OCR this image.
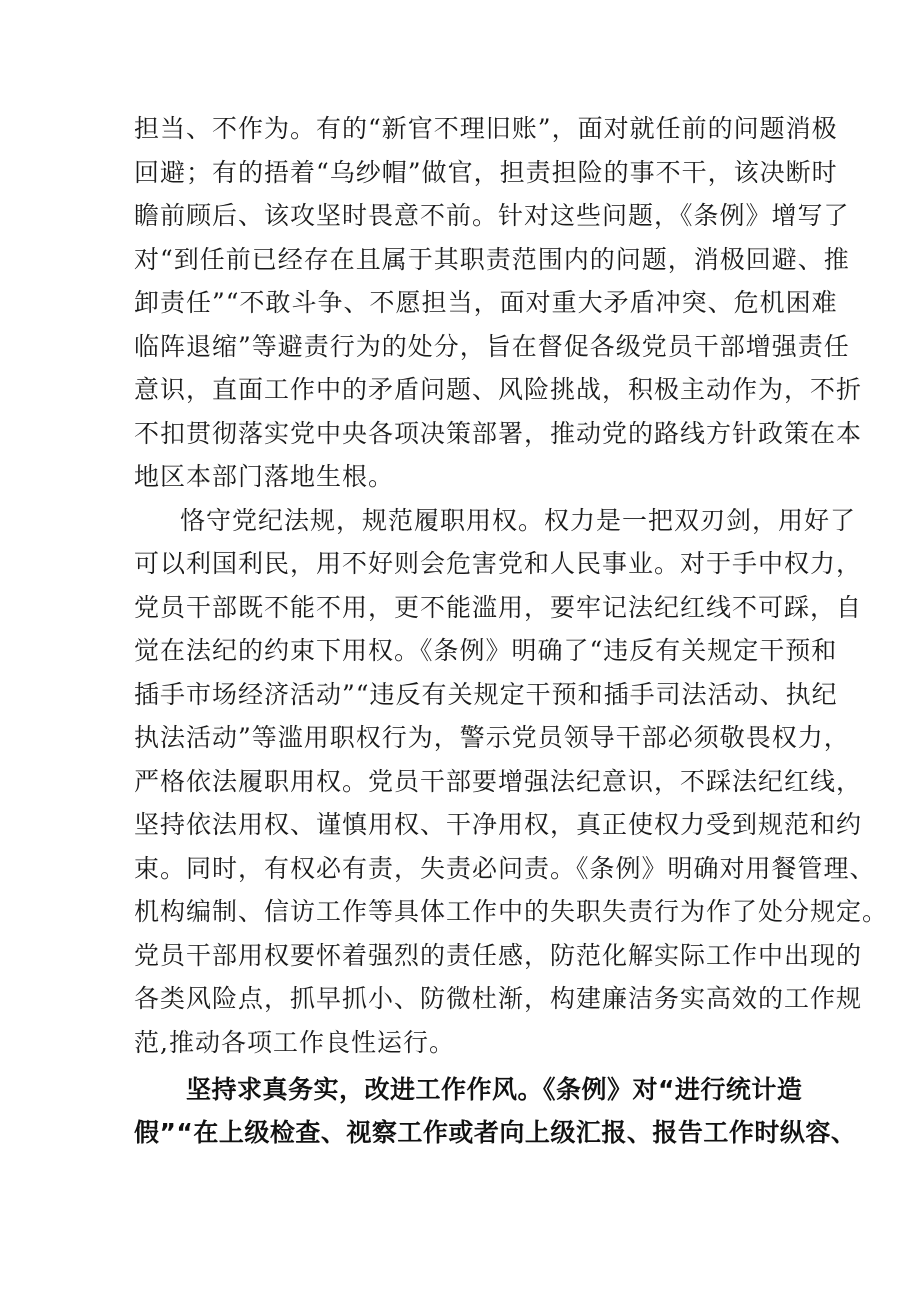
担当、不作为。有的“新官不理旧账”，面对就任前的问题消极
回避；有的捂着“乌纱帽”做官，担责担险的事不干，该决断时
瞻前顾后、该攻坚时畏意不前。针对这些问题，《条例》增写了
对“到任前已经存在且属于其职责范围内的问题，消极回避、推
卸责任”“不敢斗争、不愿担当，面对重大矛盾冲突、危机困难
临阵退缩”等避责行为的处分，旨在督促各级党员干部增强责任
意识，直面工作中的矛盾问题、风险挑战，积极主动作为，不折
不扣贯彻落实党中央各项决策部署，推动党的路线方针政策在本
地区本部门落地生根。
恪守党纪法规，规范履职用权。权力是一把双刃剑，用好了
可以利国利民，用不好则会危害党和人民事业。对于手中权力，
党员干部既不能不用，更不能滥用，要牢记法纪红线不可踩，自
觉在法纪的约束下用权。《条例》明确了“违反有关规定干预和
插手市场经济活动”“违反有关规定干预和插手司法活动、执纪
执法活动”等滥用职权行为，警示党员领导干部必须敬畏权力，
严格依法履职用权。党员干部要增强法纪意识，不踩法纪红线，
坚持依法用权、谨慎用权、干净用权，真正使权力受到规范和约
束。同时，有权必有责，失责必问责。《条例》明确对用餐管理、
机构编制、信访工作等具体工作中的失职失责行为作了处分规定。
党员干部用权要怀着强烈的责任感，防范化解实际工作中出现的
各类风险点，抓早抓小、防微杜渐，构建廉洁务实高效的工作规
范,推动各项工作良性运行。
坚持求真务实，改进工作作风。《条例》对“进行统计造
假”“在上级检查、视察工作或者向上级汇报、报告工作时纵容、
